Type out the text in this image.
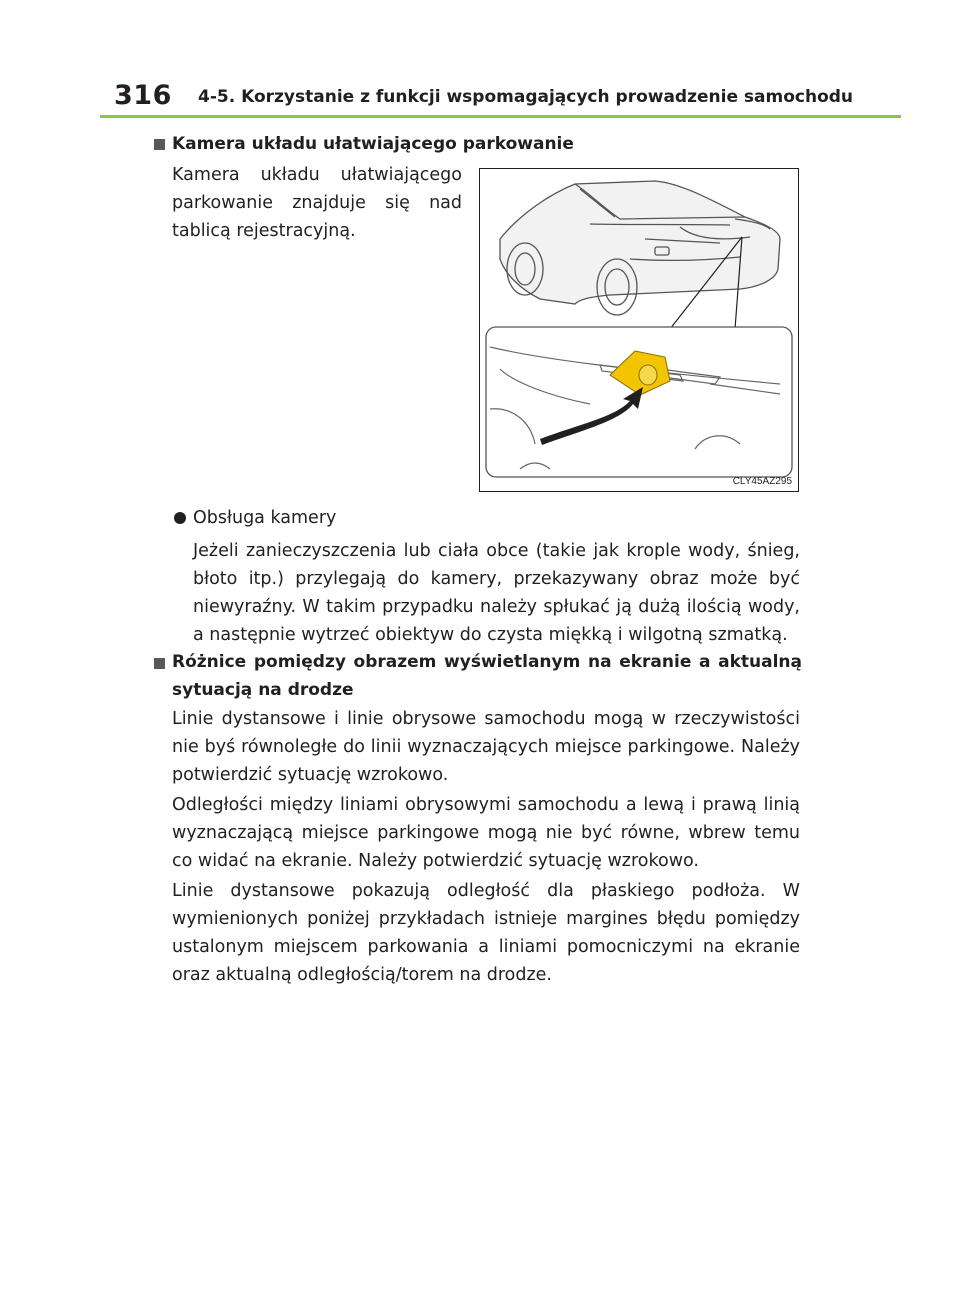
316 4-5. Korzystanie z funkcji wspomagających prowadzenie samochodu
Kamera układu ułatwiającego parkowanie
Kamera układu ułatwiającego parkowanie znajduje się nad tablicą rejestracyjną.
CLY45AZ295
Obsługa kamery
Jeżeli zanieczyszczenia lub ciała obce (takie jak krople wody, śnieg, błoto itp.) przylegają do kamery, przekazywany obraz może być niewyraźny. W takim przypadku należy spłukać ją dużą ilością wody, a następnie wytrzeć obiektyw do czysta miękką i wilgotną szmatką.
Różnice pomiędzy obrazem wyświetlanym na ekranie a aktualną sytuacją na drodze
Linie dystansowe i linie obrysowe samochodu mogą w rzeczywistości nie byś równoległe do linii wyznaczających miejsce parkingowe. Należy potwierdzić sytuację wzrokowo.
Odległości między liniami obrysowymi samochodu a lewą i prawą linią wyznaczającą miejsce parkingowe mogą nie być równe, wbrew temu co widać na ekranie. Należy potwierdzić sytuację wzrokowo.
Linie dystansowe pokazują odległość dla płaskiego podłoża. W wymienionych poniżej przykładach istnieje margines błędu pomiędzy ustalonym miejscem parkowania a liniami pomocniczymi na ekranie oraz aktualną odległością/torem na drodze.
